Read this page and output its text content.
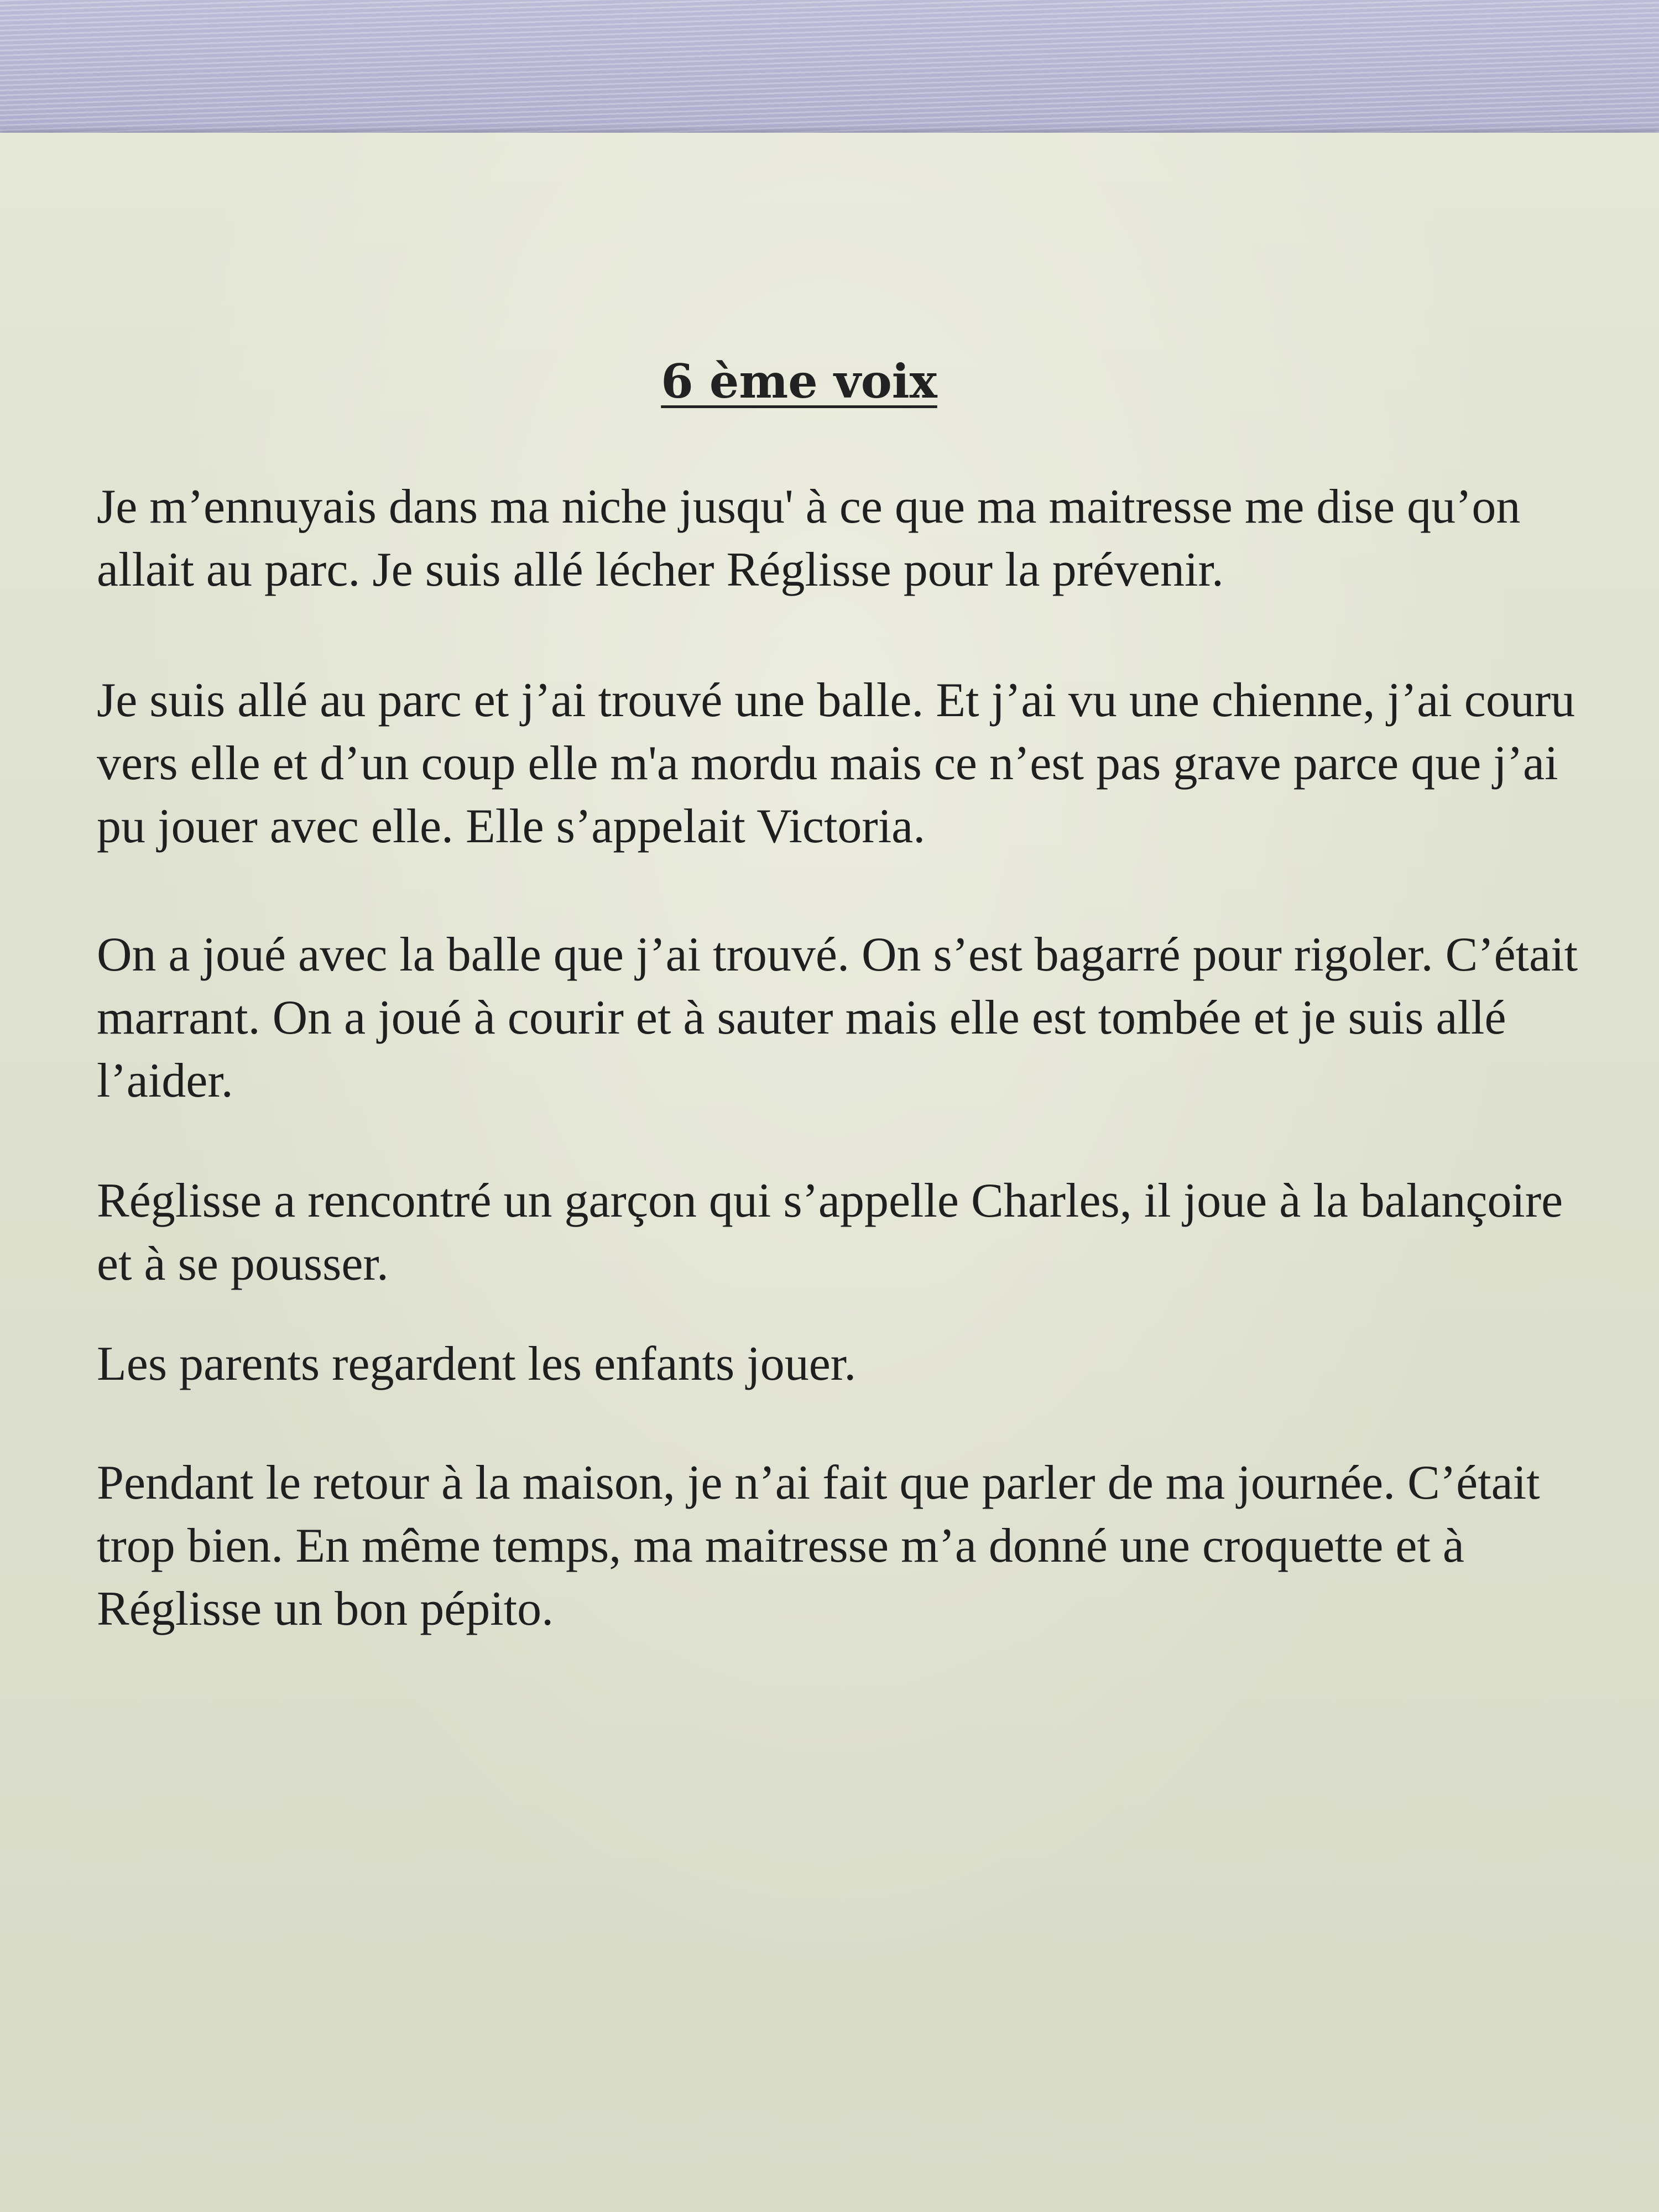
6 ème voix

Je m’ennuyais dans ma niche jusqu' à ce que ma maitresse me dise qu’on allait au parc. Je suis allé lécher Réglisse pour la prévenir.

Je suis allé au parc et j’ai trouvé une balle. Et j’ai vu une chienne, j’ai couru vers elle et d’un coup elle m'a mordu mais ce n’est pas grave parce que j’ai pu jouer avec elle. Elle s’appelait Victoria.

On a joué avec la balle que j’ai trouvé. On s’est bagarré pour rigoler. C’était marrant. On a joué à courir et à sauter mais elle est tombée et je suis allé l’aider.

Réglisse a rencontré un garçon qui s’appelle Charles, il joue à la balançoire et à se pousser.

Les parents regardent les enfants jouer.

Pendant le retour à la maison, je n’ai fait que parler de ma journée. C’était trop bien. En même temps, ma maitresse m’a donné une croquette et à Réglisse un bon pépito.
